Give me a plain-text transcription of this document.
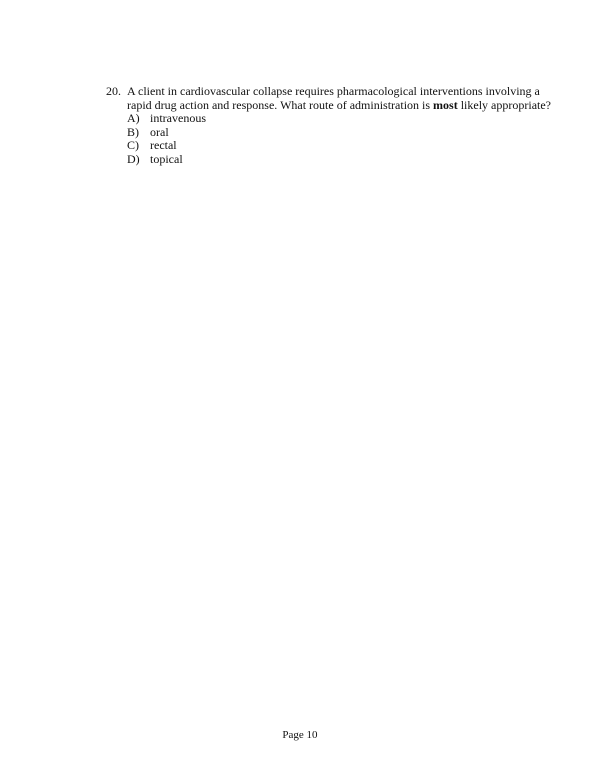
20. A client in cardiovascular collapse requires pharmacological interventions involving a rapid drug action and response. What route of administration is most likely appropriate?
A) intravenous
B) oral
C) rectal
D) topical
Page 10
